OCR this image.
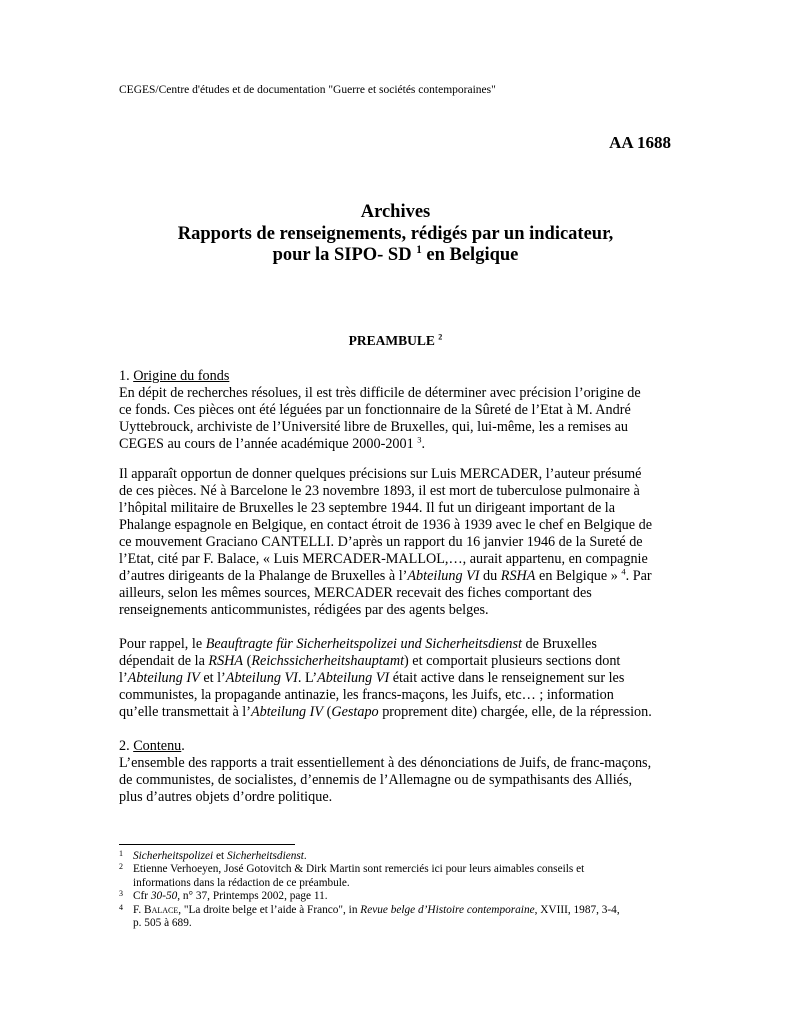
CEGES/Centre d'études et de documentation "Guerre et sociétés contemporaines"
AA 1688
Archives
Rapports de renseignements, rédigés par un indicateur,
pour la SIPO- SD $^1$ en Belgique
PREAMBULE $^2$
1. Origine du fonds
En dépit de recherches résolues, il est très difficile de déterminer avec précision l’origine de
ce fonds. Ces pièces ont été léguées par un fonctionnaire de la Sûreté de l’Etat à M. André
Uyttebrouck, archiviste de l’Université libre de Bruxelles, qui, lui-même, les a remises au
CEGES au cours de l’année académique 2000-2001 $^3$.
Il apparaît opportun de donner quelques précisions sur Luis MERCADER, l’auteur présumé
de ces pièces. Né à Barcelone le 23 novembre 1893, il est mort de tuberculose pulmonaire à
l’hôpital militaire de Bruxelles le 23 septembre 1944. Il fut un dirigeant important de la
Phalange espagnole en Belgique, en contact étroit de 1936 à 1939 avec le chef en Belgique de
ce mouvement Graciano CANTELLI. D’après un rapport du 16 janvier 1946 de la Sureté de
l’Etat, cité par F. Balace, « Luis MERCADER-MALLOL,…, aurait appartenu, en compagnie
d’autres dirigeants de la Phalange de Bruxelles à l’Abteilung VI du RSHA en Belgique » $^4$. Par
ailleurs, selon les mêmes sources, MERCADER recevait des fiches comportant des
renseignements anticommunistes, rédigées par des agents belges.
Pour rappel, le Beauftragte für Sicherheitspolizei und Sicherheitsdienst de Bruxelles
dépendait de la RSHA (Reichssicherheitshauptamt) et comportait plusieurs sections dont
l’Abteilung IV et l’Abteilung VI. L’Abteilung VI était active dans le renseignement sur les
communistes, la propagande antinazie, les francs-maçons, les Juifs, etc… ; information
qu’elle transmettait à l’Abteilung IV (Gestapo proprement dite) chargée, elle, de la répression.
2. Contenu.
L’ensemble des rapports a trait essentiellement à des dénonciations de Juifs, de franc-maçons,
de communistes, de socialistes, d’ennemis de l’Allemagne ou de sympathisants des Alliés,
plus d’autres objets d’ordre politique.
1 Sicherheitspolizei et Sicherheitsdienst.
2 Etienne Verhoeyen, José Gotovitch & Dirk Martin sont remerciés ici pour leurs aimables conseils et
informations dans la rédaction de ce préambule.
3 Cfr 30-50, n° 37, Printemps 2002, page 11.
4 F. Balace, "La droite belge et l’aide à Franco", in Revue belge d’Histoire contemporaine, XVIII, 1987, 3-4,
p. 505 à 689.
